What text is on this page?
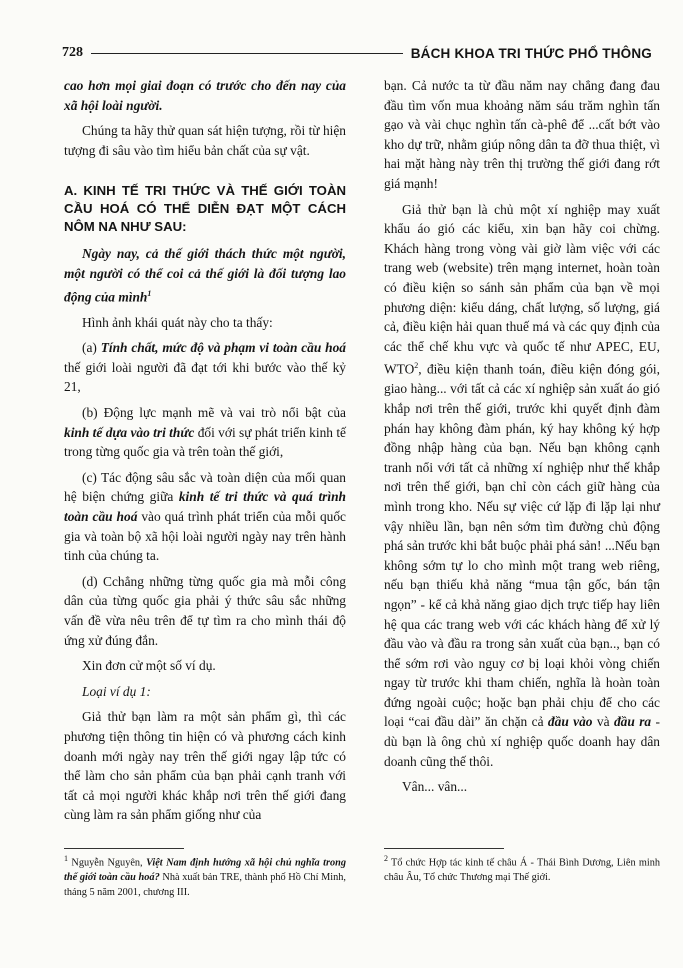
728	BÁCH KHOA TRI THỨC PHỔ THÔNG

cao hơn mọi giai đoạn có trước cho đến nay của xã hội loài người.

Chúng ta hãy thử quan sát hiện tượng, rồi từ hiện tượng đi sâu vào tìm hiểu bản chất của sự vật.

A. KINH TẾ TRI THỨC VÀ THẾ GIỚI TOÀN CẦU HOÁ CÓ THỂ DIỄN ĐẠT MỘT CÁCH NÔM NA NHƯ SAU:

Ngày nay, cả thế giới thách thức một người, một người có thể coi cả thế giới là đối tượng lao động của mình$^1$

Hình ảnh khái quát này cho ta thấy:

(a) Tính chất, mức độ và phạm vi toàn cầu hoá thế giới loài người đã đạt tới khi bước vào thế kỷ 21,

(b) Động lực mạnh mẽ và vai trò nổi bật của kinh tế dựa vào tri thức đối với sự phát triển kinh tế trong từng quốc gia và trên toàn thế giới,

(c) Tác động sâu sắc và toàn diện của mối quan hệ biện chứng giữa kinh tế tri thức và quá trình toàn cầu hoá vào quá trình phát triển của mỗi quốc gia và toàn bộ xã hội loài người ngày nay trên hành tinh của chúng ta.

(d) Cchẳng những từng quốc gia mà mỗi công dân của từng quốc gia phải ý thức sâu sắc những vấn đề vừa nêu trên để tự tìm ra cho mình thái độ ứng xử đúng đắn.

Xin đơn cử một số ví dụ.

Loại ví dụ 1:

Giả thử bạn làm ra một sản phẩm gì, thì các phương tiện thông tin hiện có và phương cách kinh doanh mới ngày nay trên thế giới ngay lập tức có thể làm cho sản phẩm của bạn phải cạnh tranh với tất cả mọi người khác khắp nơi trên thế giới đang cùng làm ra sản phẩm giống như của

bạn. Cả nước ta từ đầu năm nay chẳng đang đau đầu tìm vốn mua khoảng năm sáu trăm nghìn tấn gạo và vài chục nghìn tấn cà-phê để ...cất bớt vào kho dự trữ, nhằm giúp nông dân ta đỡ thua thiệt, vì hai mặt hàng này trên thị trường thế giới đang rớt giá mạnh!

Giả thử bạn là chủ một xí nghiệp may xuất khẩu áo gió các kiểu, xin bạn hãy coi chừng. Khách hàng trong vòng vài giờ làm việc với các trang web (website) trên mạng internet, hoàn toàn có điều kiện so sánh sản phẩm của bạn về mọi phương diện: kiểu dáng, chất lượng, số lượng, giá cả, điều kiện hải quan thuế má và các quy định của các thể chế khu vực và quốc tế như APEC, EU, WTO$^2$, điều kiện thanh toán, điều kiện đóng gói, giao hàng... với tất cả các xí nghiệp sản xuất áo gió khắp nơi trên thế giới, trước khi quyết định đàm phán hay không đàm phán, ký hay không ký hợp đồng nhập hàng của bạn. Nếu bạn không cạnh tranh nổi với tất cả những xí nghiệp như thế khắp nơi trên thế giới, bạn chỉ còn cách giữ hàng của mình trong kho. Nếu sự việc cứ lặp đi lặp lại như vậy nhiều lần, bạn nên sớm tìm đường chủ động phá sản trước khi bắt buộc phải phá sản! ...Nếu bạn không sớm tự lo cho mình một trang web riêng, nếu bạn thiếu khả năng “mua tận gốc, bán tận ngọn” - kể cả khả năng giao dịch trực tiếp hay liên hệ qua các trang web với các khách hàng để xử lý đầu vào và đầu ra trong sản xuất của bạn.., bạn có thể sớm rơi vào nguy cơ bị loại khỏi vòng chiến ngay từ trước khi tham chiến, nghĩa là hoàn toàn đứng ngoài cuộc; hoặc bạn phải chịu để cho các loại “cai đầu dài” ăn chặn cả đầu vào và đầu ra - dù bạn là ông chủ xí nghiệp quốc doanh hay dân doanh cũng thế thôi.

Vân... vân...

$^1$ Nguyễn Nguyên, Việt Nam định hướng xã hội chủ nghĩa trong thế giới toàn cầu hoá? Nhà xuất bản TRE, thành phố Hồ Chí Minh, tháng 5 năm 2001, chương III.
$^2$ Tổ chức Hợp tác kinh tế châu Á - Thái Bình Dương, Liên minh châu Âu, Tổ chức Thương mại Thế giới.
